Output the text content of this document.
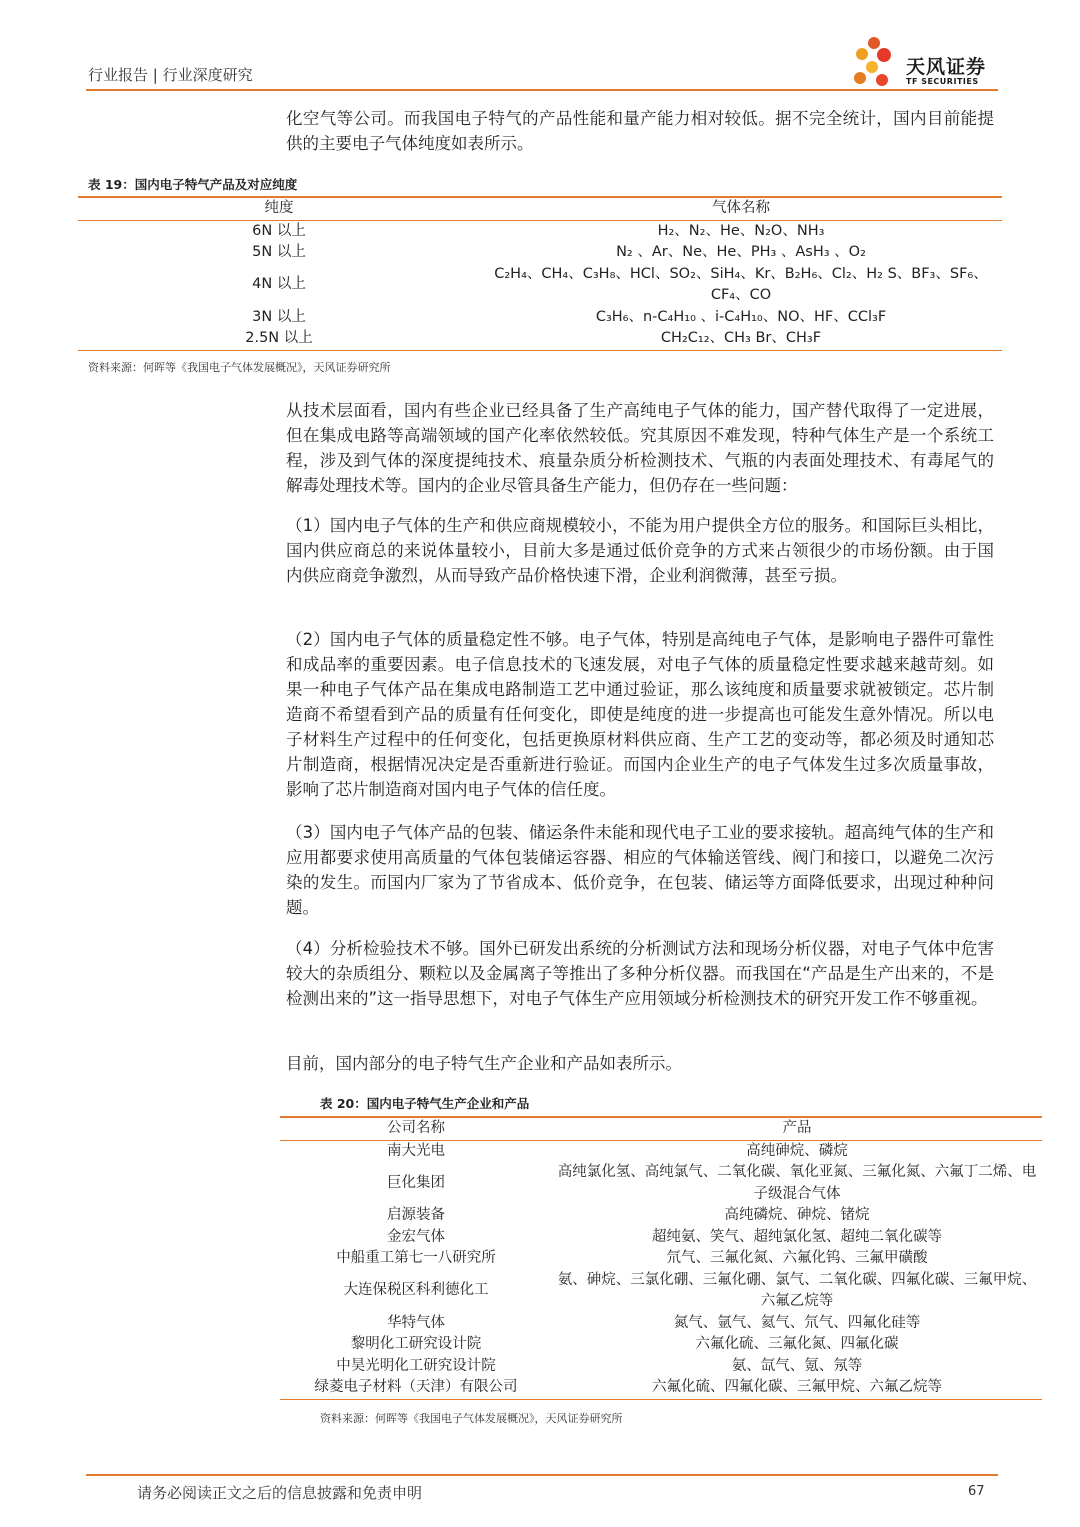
行业报告 | 行业深度研究	天风证券
TF SECURITIES
化空气等公司。而我国电子特气的产品性能和量产能力相对较低。据不完全统计，国内目前能提供的主要电子气体纯度如表所示。
表 19：国内电子特气产品及对应纯度
纯度	气体名称
6N 以上	H₂、N₂、He、N₂O、NH₃
5N 以上	N₂ 、Ar、Ne、He、PH₃ 、AsH₃ 、O₂
4N 以上	C₂H₄、CH₄、C₃H₈、HCl、SO₂、SiH₄、Kr、B₂H₆、Cl₂、H₂ S、BF₃、SF₆、CF₄、CO
3N 以上	C₃H₆、n-C₄H₁₀ 、i-C₄H₁₀、NO、HF、CCl₃F
2.5N 以上	CH₂C₁₂、CH₃ Br、CH₃F
资料来源：何晖等《我国电子气体发展概况》，天风证券研究所
从技术层面看，国内有些企业已经具备了生产高纯电子气体的能力，国产替代取得了一定进展，但在集成电路等高端领域的国产化率依然较低。究其原因不难发现，特种气体生产是一个系统工程，涉及到气体的深度提纯技术、痕量杂质分析检测技术、气瓶的内表面处理技术、有毒尾气的解毒处理技术等。国内的企业尽管具备生产能力，但仍存在一些问题：
（1）国内电子气体的生产和供应商规模较小，不能为用户提供全方位的服务。和国际巨头相比，国内供应商总的来说体量较小，目前大多是通过低价竞争的方式来占领很少的市场份额。由于国内供应商竞争激烈，从而导致产品价格快速下滑，企业利润微薄，甚至亏损。
（2）国内电子气体的质量稳定性不够。电子气体，特别是高纯电子气体，是影响电子器件可靠性和成品率的重要因素。电子信息技术的飞速发展，对电子气体的质量稳定性要求越来越苛刻。如果一种电子气体产品在集成电路制造工艺中通过验证，那么该纯度和质量要求就被锁定。芯片制造商不希望看到产品的质量有任何变化，即使是纯度的进一步提高也可能发生意外情况。所以电子材料生产过程中的任何变化，包括更换原材料供应商、生产工艺的变动等，都必须及时通知芯片制造商，根据情况决定是否重新进行验证。而国内企业生产的电子气体发生过多次质量事故，影响了芯片制造商对国内电子气体的信任度。
（3）国内电子气体产品的包装、储运条件未能和现代电子工业的要求接轨。超高纯气体的生产和应用都要求使用高质量的气体包装储运容器、相应的气体输送管线、阀门和接口，以避免二次污染的发生。而国内厂家为了节省成本、低价竞争，在包装、储运等方面降低要求，出现过种种问题。
（4）分析检验技术不够。国外已研发出系统的分析测试方法和现场分析仪器，对电子气体中危害较大的杂质组分、颗粒以及金属离子等推出了多种分析仪器。而我国在“产品是生产出来的，不是检测出来的”这一指导思想下，对电子气体生产应用领域分析检测技术的研究开发工作不够重视。
目前，国内部分的电子特气生产企业和产品如表所示。
表 20：国内电子特气生产企业和产品
公司名称	产品
南大光电	高纯砷烷、磷烷
巨化集团	高纯氯化氢、高纯氯气、二氧化碳、氧化亚氮、三氟化氮、六氟丁二烯、电子级混合气体
启源装备	高纯磷烷、砷烷、锗烷
金宏气体	超纯氨、笑气、超纯氯化氢、超纯二氧化碳等
中船重工第七一八研究所	氘气、三氟化氮、六氟化钨、三氟甲磺酸
大连保税区科利德化工	氨、砷烷、三氯化硼、三氟化硼、氯气、二氧化碳、四氟化碳、三氟甲烷、六氟乙烷等
华特气体	氮气、氩气、氦气、氘气、四氟化硅等
黎明化工研究设计院	六氟化硫、三氟化氮、四氟化碳
中昊光明化工研究设计院	氨、氙气、氪、氖等
绿菱电子材料（天津）有限公司	六氟化硫、四氟化碳、三氟甲烷、六氟乙烷等
资料来源：何晖等《我国电子气体发展概况》，天风证券研究所
请务必阅读正文之后的信息披露和免责申明	67
